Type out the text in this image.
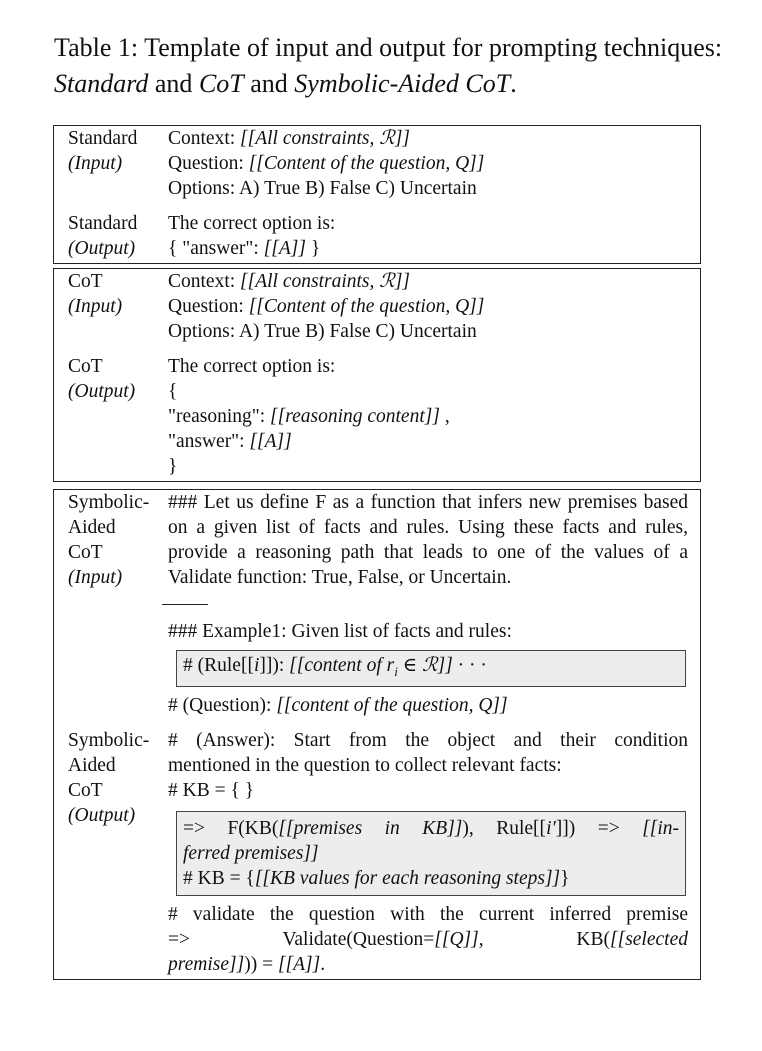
Table 1: Template of input and output for prompting techniques: Standard and CoT and Symbolic-Aided CoT.
Standard
(Input)
Context: [[All constraints, ℛ]]
Question: [[Content of the question, Q]]
Options: A) True B) False C) Uncertain
Standard
(Output)
The correct option is:
{ "answer": [[A]] }
CoT
(Input)
Context: [[All constraints, ℛ]]
Question: [[Content of the question, Q]]
Options: A) True B) False C) Uncertain
CoT
(Output)
The correct option is:
{
"reasoning": [[reasoning content]] ,
"answer": [[A]]
}
Symbolic-
Aided
CoT
(Input)
### Let us define F as a function that infers new premises based on a given list of facts and rules. Using these facts and rules, provide a reasoning path that leads to one of the values of a Validate function: True, False, or Uncertain.
### Example1: Given list of facts and rules:
# (Rule[[i]]): [[content of $r_i$ ∈ ℛ]] · · ·
# (Question): [[content of the question, Q]]
Symbolic-
Aided
CoT
(Output)
# (Answer): Start from the object and their condition
mentioned in the question to collect relevant facts:
# KB = { }
=> F(KB([[premises in KB]]), Rule[[i′]]) => [[in-
ferred premises]]
# KB = {[[KB values for each reasoning steps]]}
# validate the question with the current inferred premise
=>	Validate(Question=[[Q]],	KB([[selected
premise]])) = [[A]].
